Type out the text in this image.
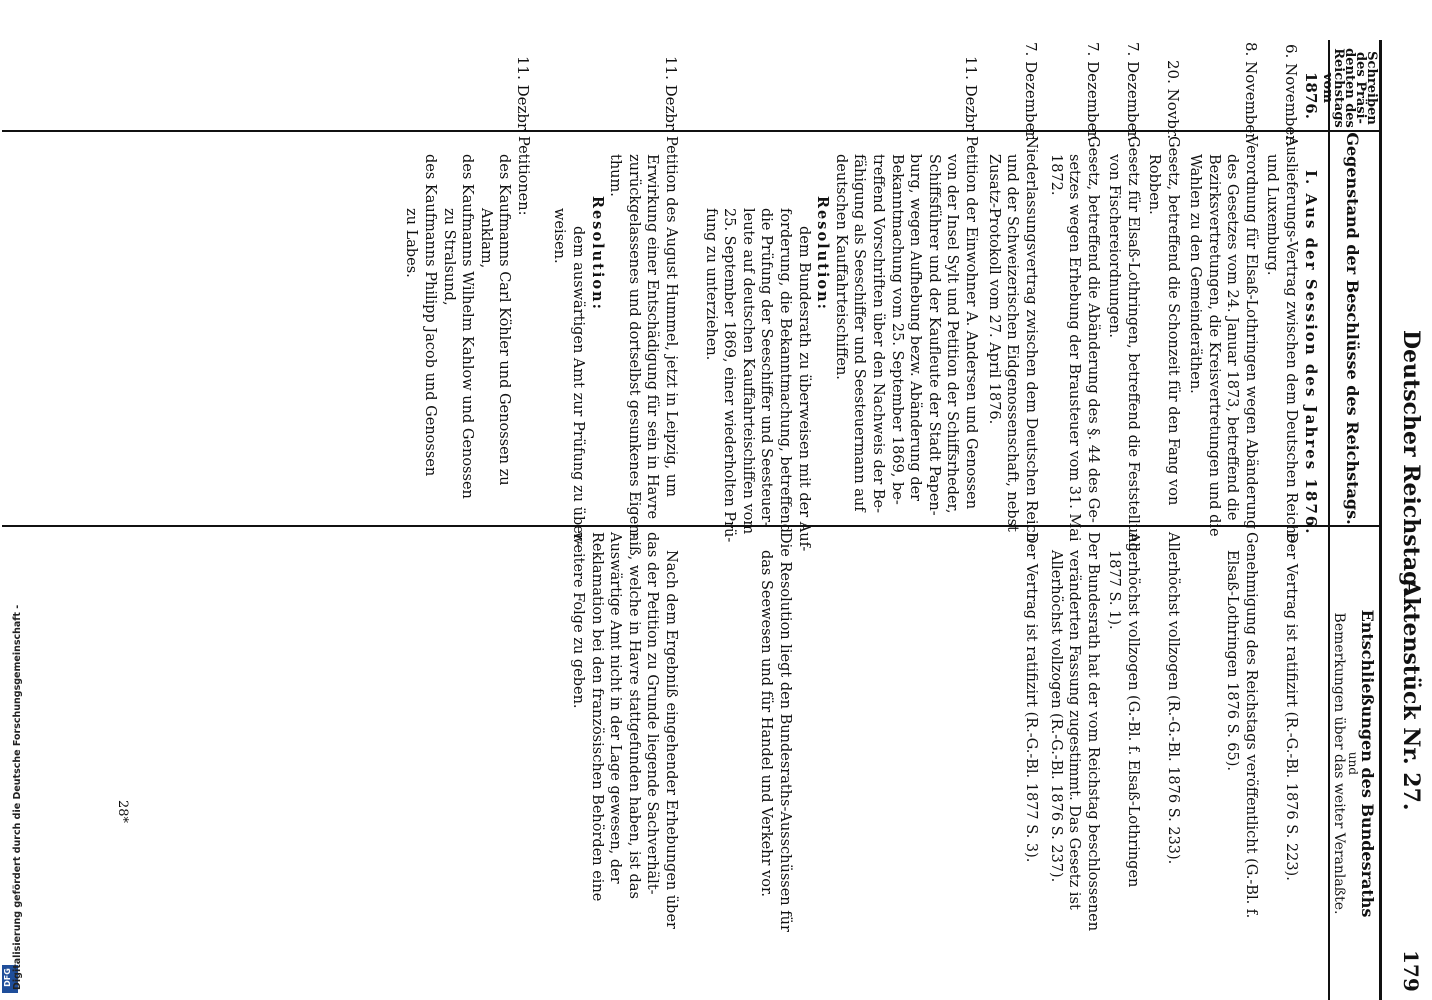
DFG Digitalisierung gefördert durch die Deutsche Forschungsgemeinschaft -
Deutscher Reichstag.
Aktenstück Nr. 27.
179
Schreiben
des Präsi-
denten des
Reichstags
vom
Gegenstand der Beschlüsse des Reichstags.
Entschließungen des Bundesraths
und
Bemerkungen über das weiter Veranlaßte.
1876.
I. Aus der Session des Jahres 1876.
6. November.
Auslieferungs-Vertrag zwischen dem Deutschen Reiche
und Luxemburg.
Der Vertrag ist ratifizirt (R.-G.-Bl. 1876 S. 223).
8. November.
Verordnung für Elsaß-Lothringen wegen Abänderung
des Gesetzes vom 24. Januar 1873, betreffend die
Bezirksvertretungen, die Kreisvertretungen und die
Wahlen zu den Gemeinderäthen.
Genehmigung des Reichstags veröffentlicht (G.-Bl. f.
Elsaß-Lothringen 1876 S. 65).
20. Novbr.
Gesetz, betreffend die Schonzeit für den Fang von
Robben.
Allerhöchst vollzogen (R.-G.-Bl. 1876 S. 233).
7. Dezember.
Gesetz für Elsaß-Lothringen, betreffend die Feststellung
von Fischereiordnungen.
Allerhöchst vollzogen (G.-Bl. f. Elsaß-Lothringen
1877 S. 1).
7. Dezember.
Gesetz, betreffend die Abänderung des §. 44 des Ge-
setzes wegen Erhebung der Brausteuer vom 31. Mai
1872.
Der Bundesrath hat der vom Reichstag beschlossenen
veränderten Fassung zugestimmt. Das Gesetz ist
Allerhöchst vollzogen (R.-G.-Bl. 1876 S. 237).
7. Dezember.
Niederlassungsvertrag zwischen dem Deutschen Reich
und der Schweizerischen Eidgenossenschaft, nebst
Zusatz-Protokoll vom 27. April 1876.
Der Vertrag ist ratifizirt (R.-G.-Bl. 1877 S. 3).
11. Dezbr.
Petition der Einwohner A. Andersen und Genossen
von der Insel Sylt und Petition der Schiffsrheder,
Schiffsführer und der Kaufleute der Stadt Papen-
burg, wegen Aufhebung bezw. Abänderung der
Bekanntmachung vom 25. September 1869, be-
treffend Vorschriften über den Nachweis der Be-
fähigung als Seeschiffer und Seesteuermann auf
deutschen Kauffahrteischiffen.
Resolution:
dem Bundesrath zu überweisen mit der Auf-
forderung, die Bekanntmachung, betreffend
die Prüfung der Seeschiffer und Seesteuer-
leute auf deutschen Kauffahrteischiffen vom
25. September 1869, einer wiederholten Prü-
fung zu unterziehen.
Die Resolution liegt den Bundesraths-Ausschüssen für
das Seewesen und für Handel und Verkehr vor.
11. Dezbr.
Petition des August Hummel, jetzt in Leipzig, um
Erwirkung einer Entschädigung für sein in Havre
zurückgelassenes und dortselbst gesunkenes Eigen-
thum.
Resolution:
dem auswärtigen Amt zur Prüfung zu über-
weisen.
Nach dem Ergebniß eingehender Erhebungen über
das der Petition zu Grunde liegende Sachverhält-
niß, welche in Havre stattgefunden haben, ist das
Auswärtige Amt nicht in der Lage gewesen, der
Reklamation bei den französischen Behörden eine
weitere Folge zu geben.
11. Dezbr.
Petitionen:
des Kaufmanns Carl Köhler und Genossen zu
Anklam,
des Kaufmanns Wilhelm Kahlow und Genossen
zu Stralsund,
des Kaufmanns Philipp Jacob und Genossen
zu Labes.
28*
